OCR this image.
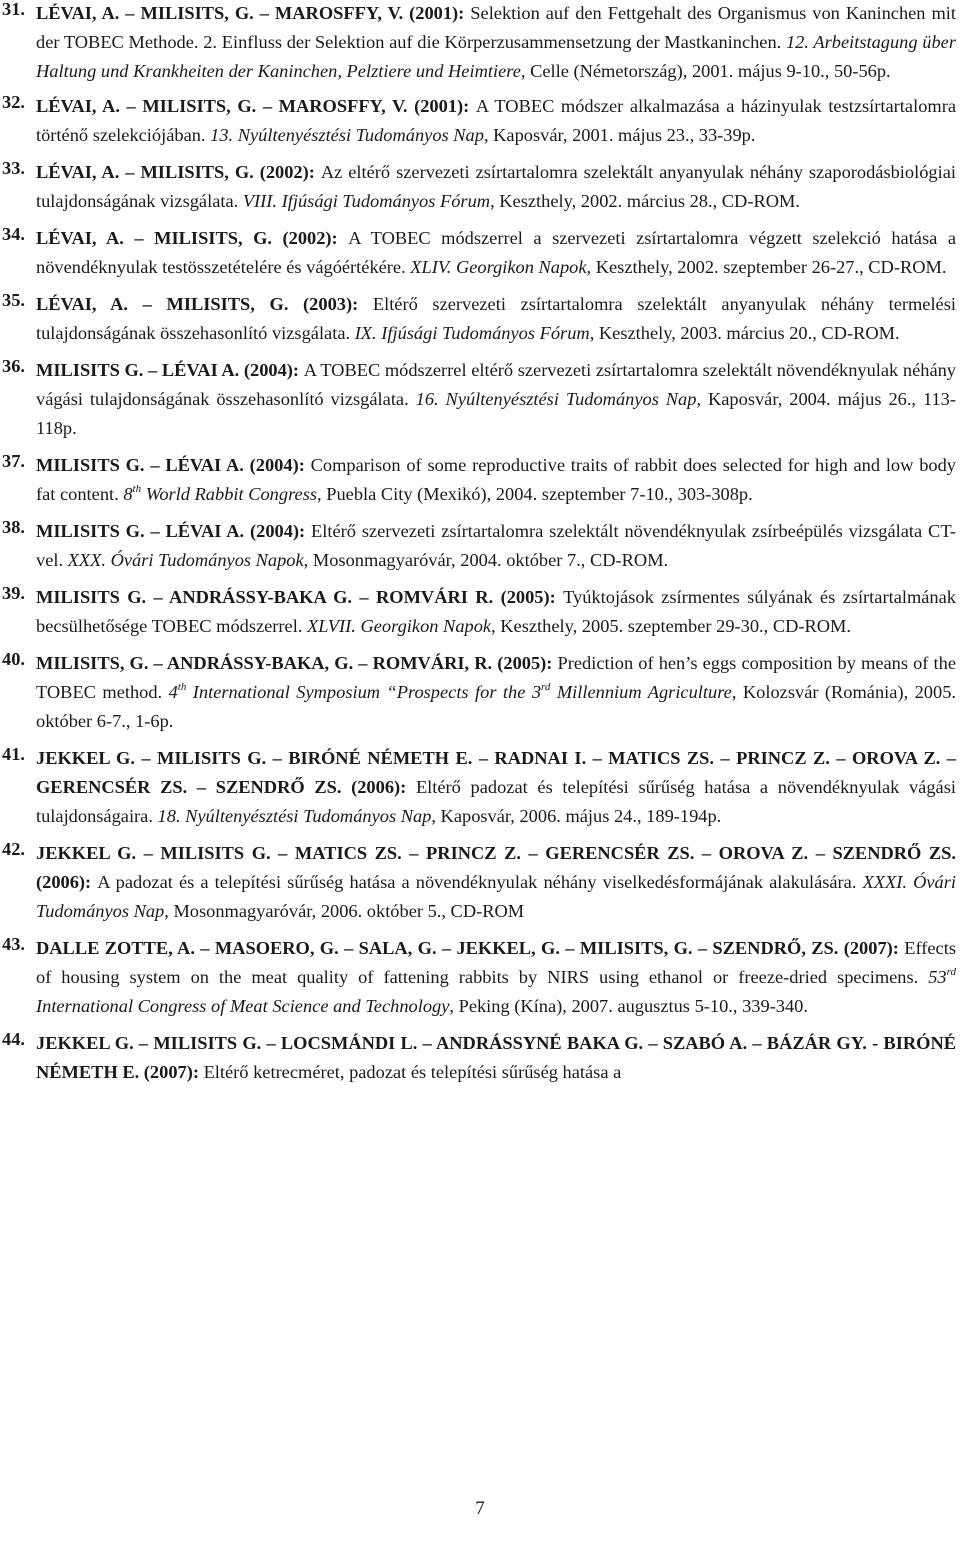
31. LÉVAI, A. – MILISITS, G. – MAROSFFY, V. (2001): Selektion auf den Fettgehalt des Organismus von Kaninchen mit der TOBEC Methode. 2. Einfluss der Selektion auf die Körperzusammensetzung der Mastkaninchen. 12. Arbeitstagung über Haltung und Krankheiten der Kaninchen, Pelztiere und Heimtiere, Celle (Németország), 2001. május 9-10., 50-56p.
32. LÉVAI, A. – MILISITS, G. – MAROSFFY, V. (2001): A TOBEC módszer alkalmazása a házinyulak testzsírtartalomra történő szelekciójában. 13. Nyúltenyésztési Tudományos Nap, Kaposvár, 2001. május 23., 33-39p.
33. LÉVAI, A. – MILISITS, G. (2002): Az eltérő szervezeti zsírtartalomra szelektált anyanyulak néhány szaporodásbiológiai tulajdonságának vizsgálata. VIII. Ifjúsági Tudományos Fórum, Keszthely, 2002. március 28., CD-ROM.
34. LÉVAI, A. – MILISITS, G. (2002): A TOBEC módszerrel a szervezeti zsírtartalomra végzett szelekció hatása a növendéknyulak testösszetételére és vágóértékére. XLIV. Georgikon Napok, Keszthely, 2002. szeptember 26-27., CD-ROM.
35. LÉVAI, A. – MILISITS, G. (2003): Eltérő szervezeti zsírtartalomra szelektált anyanyulak néhány termelési tulajdonságának összehasonlító vizsgálata. IX. Ifjúsági Tudományos Fórum, Keszthely, 2003. március 20., CD-ROM.
36. MILISITS G. – LÉVAI A. (2004): A TOBEC módszerrel eltérő szervezeti zsírtartalomra szelektált növendéknyulak néhány vágási tulajdonságának összehasonlító vizsgálata. 16. Nyúltenyésztési Tudományos Nap, Kaposvár, 2004. május 26., 113-118p.
37. MILISITS G. – LÉVAI A. (2004): Comparison of some reproductive traits of rabbit does selected for high and low body fat content. 8th World Rabbit Congress, Puebla City (Mexikó), 2004. szeptember 7-10., 303-308p.
38. MILISITS G. – LÉVAI A. (2004): Eltérő szervezeti zsírtartalomra szelektált növendéknyulak zsírbeépülés vizsgálata CT-vel. XXX. Óvári Tudományos Napok, Mosonmagyaróvár, 2004. október 7., CD-ROM.
39. MILISITS G. – ANDRÁSSY-BAKA G. – ROMVÁRI R. (2005): Tyúktojások zsírmentes súlyának és zsírtartalmának becsülhetősége TOBEC módszerrel. XLVII. Georgikon Napok, Keszthely, 2005. szeptember 29-30., CD-ROM.
40. MILISITS, G. – ANDRÁSSY-BAKA, G. – ROMVÁRI, R. (2005): Prediction of hen’s eggs composition by means of the TOBEC method. 4th International Symposium “Prospects for the 3rd Millennium Agriculture, Kolozsvár (Románia), 2005. október 6-7., 1-6p.
41. JEKKEL G. – MILISITS G. – BIRÓNÉ NÉMETH E. – RADNAI I. – MATICS ZS. – PRINCZ Z. – OROVA Z. – GERENCSÉR ZS. – SZENDRŐ ZS. (2006): Eltérő padozat és telepítési sűrűség hatása a növendéknyulak vágási tulajdonságaira. 18. Nyúltenyésztési Tudományos Nap, Kaposvár, 2006. május 24., 189-194p.
42. JEKKEL G. – MILISITS G. – MATICS ZS. – PRINCZ Z. – GERENCSÉR ZS. – OROVA Z. – SZENDRŐ ZS. (2006): A padozat és a telepítési sűrűség hatása a növendéknyulak néhány viselkedésformájának alakulására. XXXI. Óvári Tudományos Nap, Mosonmagyaróvár, 2006. október 5., CD-ROM
43. DALLE ZOTTE, A. – MASOERO, G. – SALA, G. – JEKKEL, G. – MILISITS, G. – SZENDRŐ, ZS. (2007): Effects of housing system on the meat quality of fattening rabbits by NIRS using ethanol or freeze-dried specimens. 53rd International Congress of Meat Science and Technology, Peking (Kína), 2007. augusztus 5-10., 339-340.
44. JEKKEL G. – MILISITS G. – LOCSMÁNDI L. – ANDRÁSSYNÉ BAKA G. – SZABÓ A. – BÁZÁR GY. - BIRÓNÉ NÉMETH E. (2007): Eltérő ketrecméret, padozat és telepítési sűrűség hatása a
7
